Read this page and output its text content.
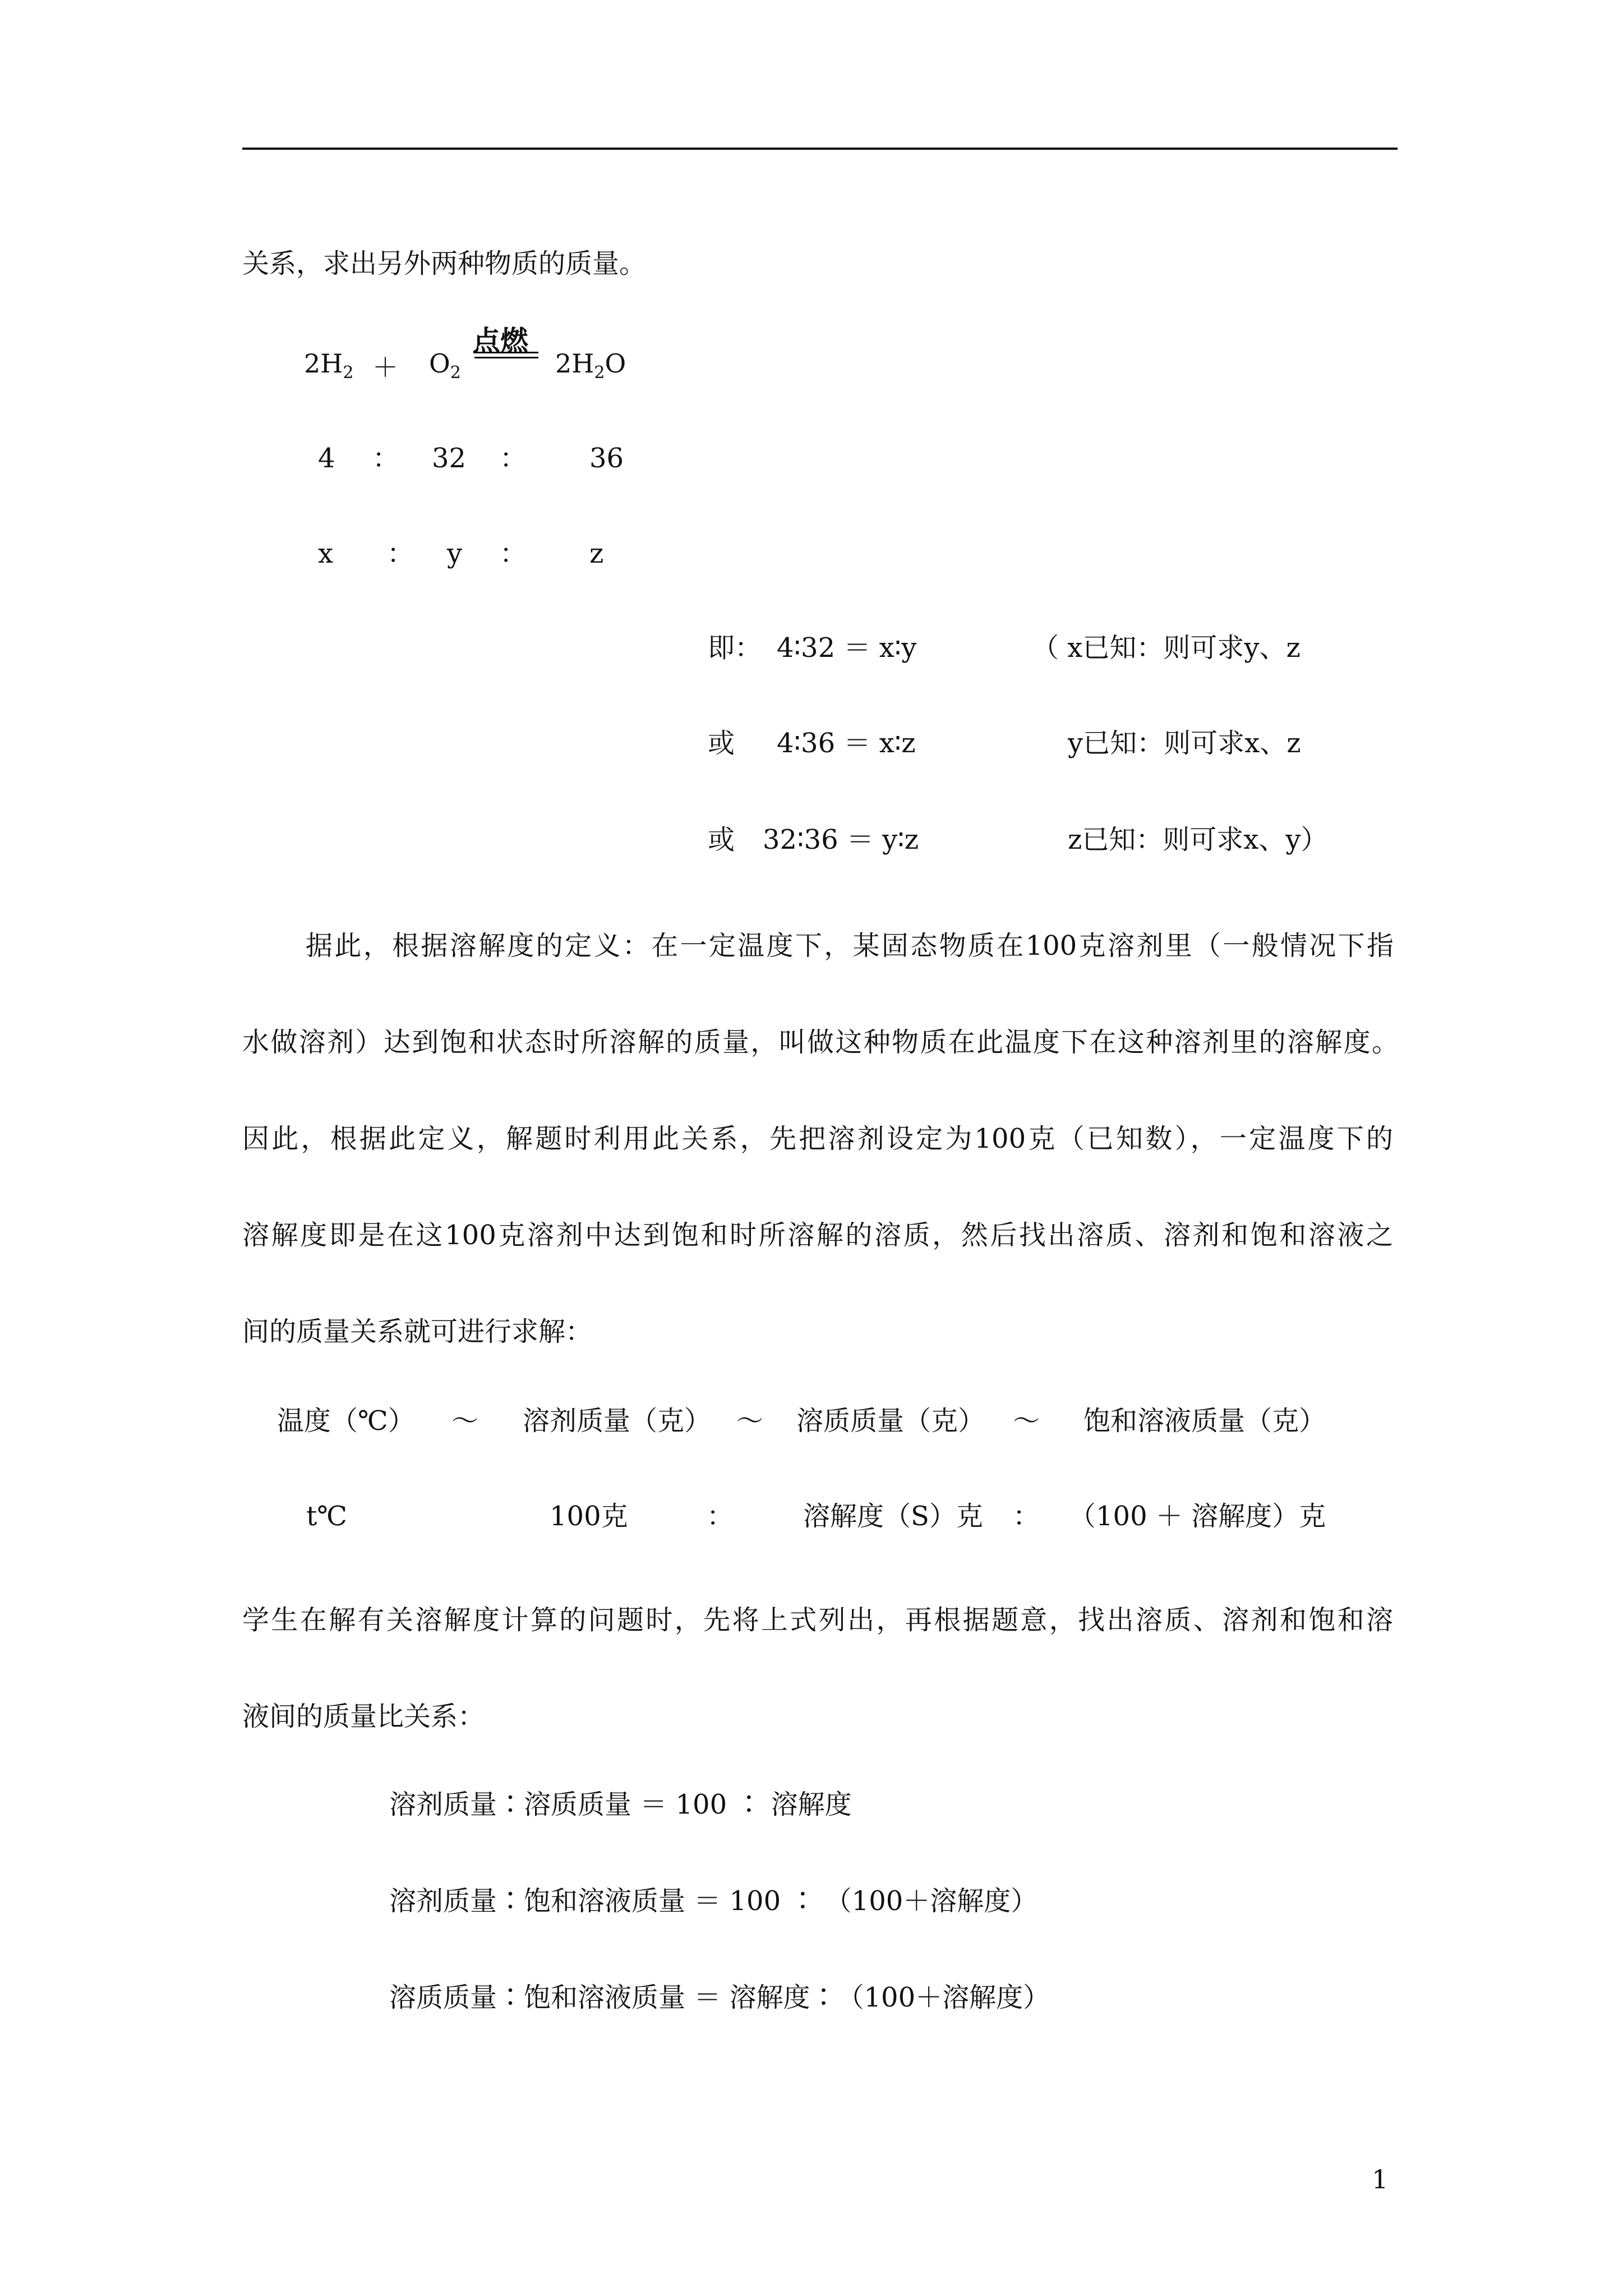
关系，求出另外两种物质的质量。
$2H_2 + O_2$
点燃
$2H_2O$
4 ： 32 ： 36
x ： y ： z
即： 4∶32 ＝ x∶y	（ x已知：则可求y、z
或 4∶36 ＝ x∶z	y已知：则可求x、z
或 32∶36 ＝ y∶z	z已知：则可求x、y）
据此，根据溶解度的定义：在一定温度下，某固态物质在100克溶剂里（一般情况下指
水做溶剂）达到饱和状态时所溶解的质量，叫做这种物质在此温度下在这种溶剂里的溶解度。
因此，根据此定义，解题时利用此关系，先把溶剂设定为100克（已知数），一定温度下的
溶解度即是在这100克溶剂中达到饱和时所溶解的溶质，然后找出溶质、溶剂和饱和溶液之
间的质量关系就可进行求解：
温度（℃） ～ 溶剂质量（克） ～ 溶质质量（克） ～ 饱和溶液质量（克）
t℃	100克	：	溶解度（S）克 ： （100 ＋ 溶解度）克
学生在解有关溶解度计算的问题时，先将上式列出，再根据题意，找出溶质、溶剂和饱和溶
液间的质量比关系：
溶剂质量∶溶质质量 ＝ 100 ∶ 溶解度
溶剂质量∶饱和溶液质量 ＝ 100 ∶ （100＋溶解度）
溶质质量∶饱和溶液质量 ＝ 溶解度∶（100＋溶解度）
1
